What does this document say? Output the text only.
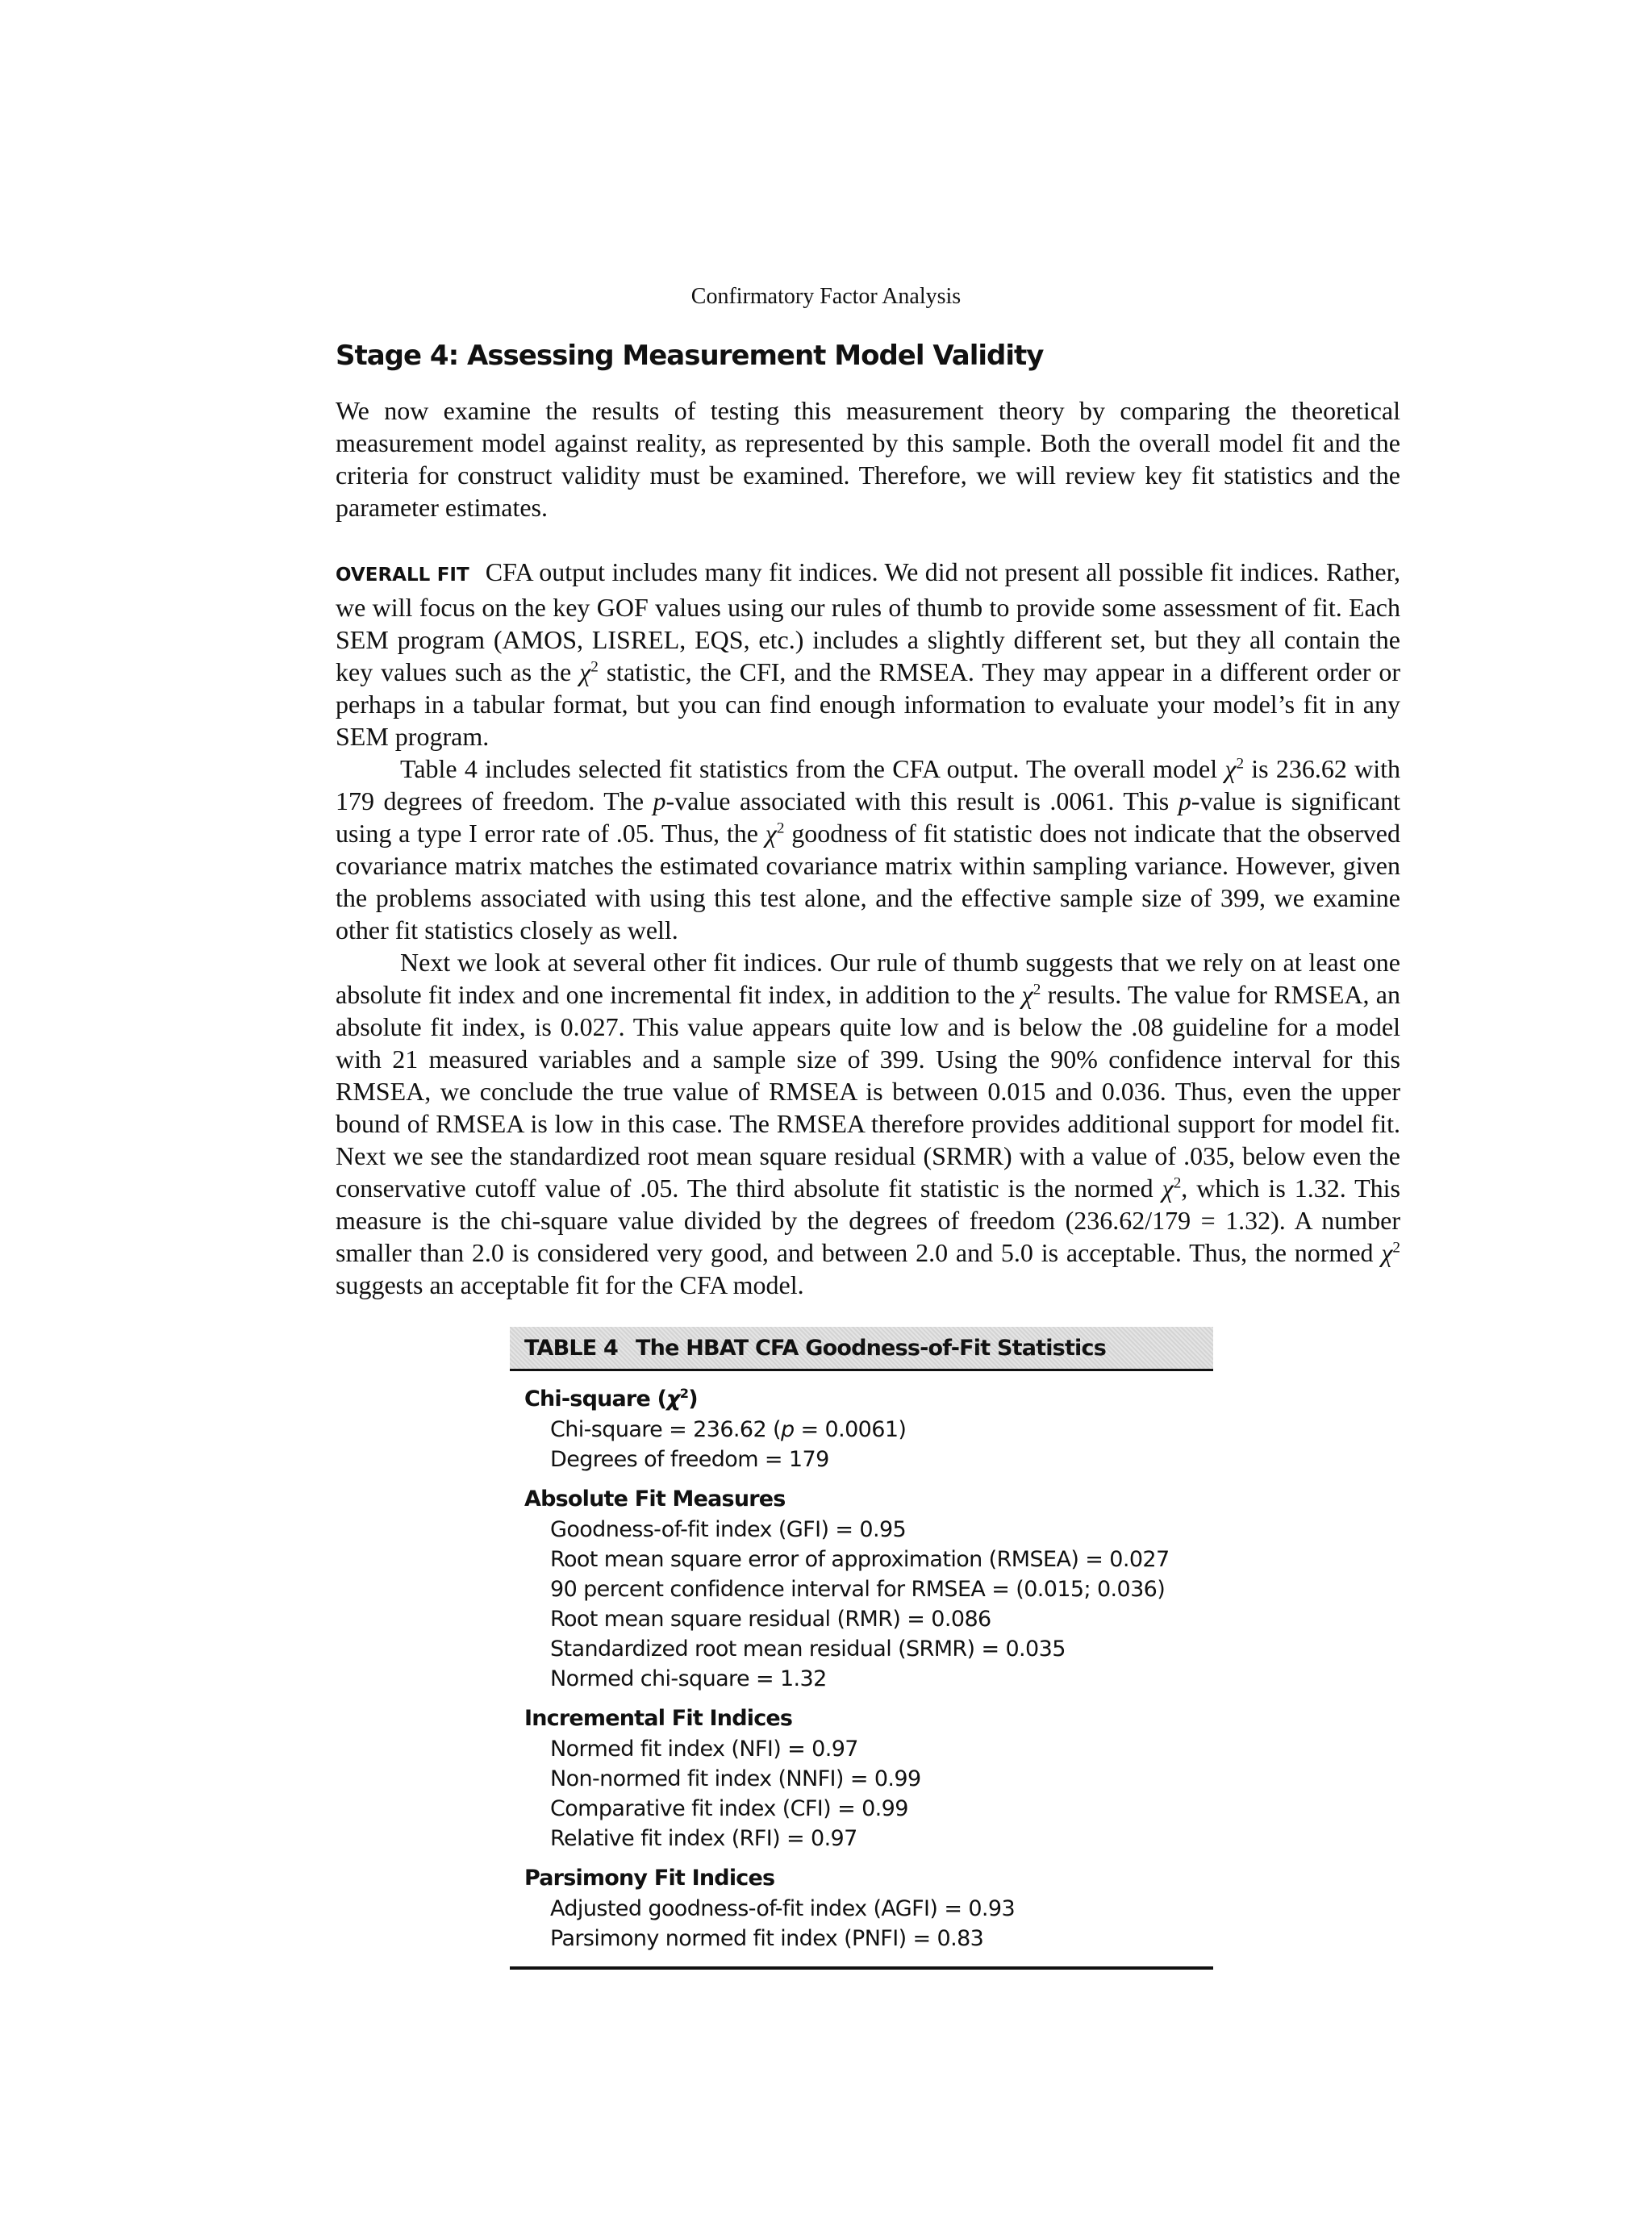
Confirmatory Factor Analysis
Stage 4: Assessing Measurement Model Validity

We now examine the results of testing this measurement theory by comparing the theoretical measurement model against reality, as represented by this sample. Both the overall model fit and the criteria for construct validity must be examined. Therefore, we will review key fit statistics and the parameter estimates.

OVERALL FIT CFA output includes many fit indices. We did not present all possible fit indices. Rather, we will focus on the key GOF values using our rules of thumb to provide some assessment of fit. Each SEM program (AMOS, LISREL, EQS, etc.) includes a slightly different set, but they all contain the key values such as the $\chi^2$ statistic, the CFI, and the RMSEA. They may appear in a different order or perhaps in a tabular format, but you can find enough information to evaluate your model’s fit in any SEM program.

Table 4 includes selected fit statistics from the CFA output. The overall model $\chi^2$ is 236.62 with 179 degrees of freedom. The p-value associated with this result is .0061. This p-value is significant using a type I error rate of .05. Thus, the $\chi^2$ goodness of fit statistic does not indicate that the observed covariance matrix matches the estimated covariance matrix within sampling variance. However, given the problems associated with using this test alone, and the effective sample size of 399, we examine other fit statistics closely as well.

Next we look at several other fit indices. Our rule of thumb suggests that we rely on at least one absolute fit index and one incremental fit index, in addition to the $\chi^2$ results. The value for RMSEA, an absolute fit index, is 0.027. This value appears quite low and is below the .08 guideline for a model with 21 measured variables and a sample size of 399. Using the 90% confidence interval for this RMSEA, we conclude the true value of RMSEA is between 0.015 and 0.036. Thus, even the upper bound of RMSEA is low in this case. The RMSEA therefore provides additional support for model fit. Next we see the standardized root mean square residual (SRMR) with a value of .035, below even the conservative cutoff value of .05. The third absolute fit statistic is the normed $\chi^2$, which is 1.32. This measure is the chi-square value divided by the degrees of freedom (236.62/179 = 1.32). A number smaller than 2.0 is considered very good, and between 2.0 and 5.0 is acceptable. Thus, the normed $\chi^2$ suggests an acceptable fit for the CFA model.

TABLE 4 The HBAT CFA Goodness-of-Fit Statistics
Chi-square $(\chi^2)$
Chi-square = 236.62 (p = 0.0061)
Degrees of freedom = 179
Absolute Fit Measures
Goodness-of-fit index (GFI) = 0.95
Root mean square error of approximation (RMSEA) = 0.027
90 percent confidence interval for RMSEA = (0.015; 0.036)
Root mean square residual (RMR) = 0.086
Standardized root mean residual (SRMR) = 0.035
Normed chi-square = 1.32
Incremental Fit Indices
Normed fit index (NFI) = 0.97
Non-normed fit index (NNFI) = 0.99
Comparative fit index (CFI) = 0.99
Relative fit index (RFI) = 0.97
Parsimony Fit Indices
Adjusted goodness-of-fit index (AGFI) = 0.93
Parsimony normed fit index (PNFI) = 0.83
